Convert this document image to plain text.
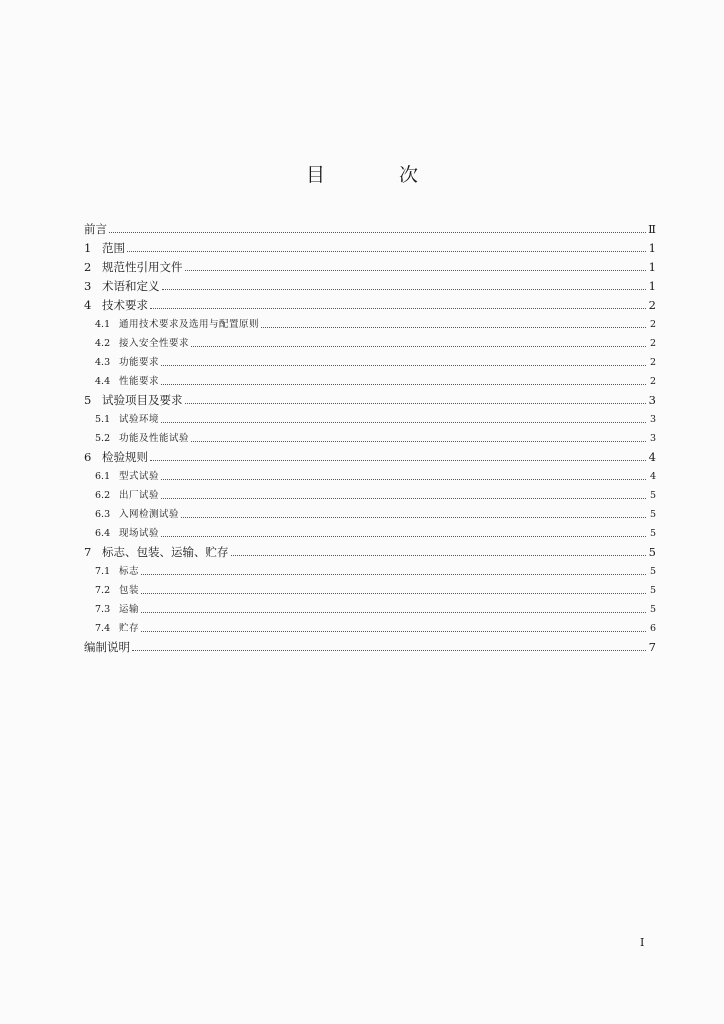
目 次
前言	Ⅱ
1 范围	1
2 规范性引用文件	1
3 术语和定义	1
4 技术要求	2
4.1 通用技术要求及选用与配置原则	2
4.2 接入安全性要求	2
4.3 功能要求	2
4.4 性能要求	2
5 试验项目及要求	3
5.1 试验环境	3
5.2 功能及性能试验	3
6 检验规则	4
6.1 型式试验	4
6.2 出厂试验	5
6.3 入网检测试验	5
6.4 现场试验	5
7 标志、包装、运输、贮存	5
7.1 标志	5
7.2 包装	5
7.3 运输	5
7.4 贮存	6
编制说明	7
I
